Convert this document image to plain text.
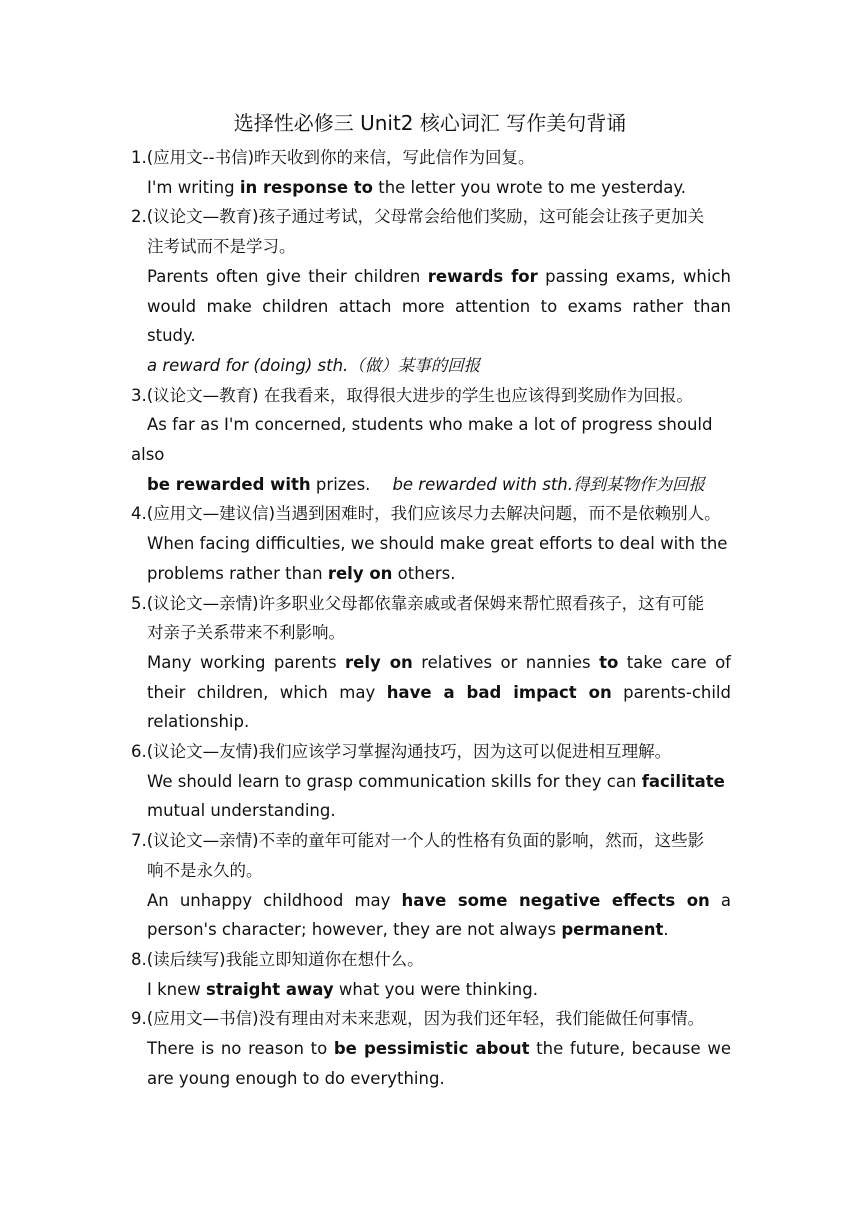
选择性必修三 Unit2 核心词汇 写作美句背诵
1.(应用文--书信)昨天收到你的来信，写此信作为回复。
I'm writing in response to the letter you wrote to me yesterday.
2.(议论文—教育)孩子通过考试，父母常会给他们奖励，这可能会让孩子更加关
注考试而不是学习。
Parents often give their children rewards for passing exams, which
would make children attach more attention to exams rather than
study.
a reward for (doing) sth.（做）某事的回报
3.(议论文—教育) 在我看来，取得很大进步的学生也应该得到奖励作为回报。
As far as I'm concerned, students who make a lot of progress should
also
be rewarded with prizes. be rewarded with sth.得到某物作为回报
4.(应用文—建议信)当遇到困难时，我们应该尽力去解决问题，而不是依赖别人。
When facing difficulties, we should make great efforts to deal with the
problems rather than rely on others.
5.(议论文—亲情)许多职业父母都依靠亲戚或者保姆来帮忙照看孩子，这有可能
对亲子关系带来不利影响。
Many working parents rely on relatives or nannies to take care of
their children, which may have a bad impact on parents-child
relationship.
6.(议论文—友情)我们应该学习掌握沟通技巧，因为这可以促进相互理解。
We should learn to grasp communication skills for they can facilitate
mutual understanding.
7.(议论文—亲情)不幸的童年可能对一个人的性格有负面的影响，然而，这些影
响不是永久的。
An unhappy childhood may have some negative effects on a
person's character; however, they are not always permanent.
8.(读后续写)我能立即知道你在想什么。
I knew straight away what you were thinking.
9.(应用文—书信)没有理由对未来悲观，因为我们还年轻，我们能做任何事情。
There is no reason to be pessimistic about the future, because we
are young enough to do everything.
